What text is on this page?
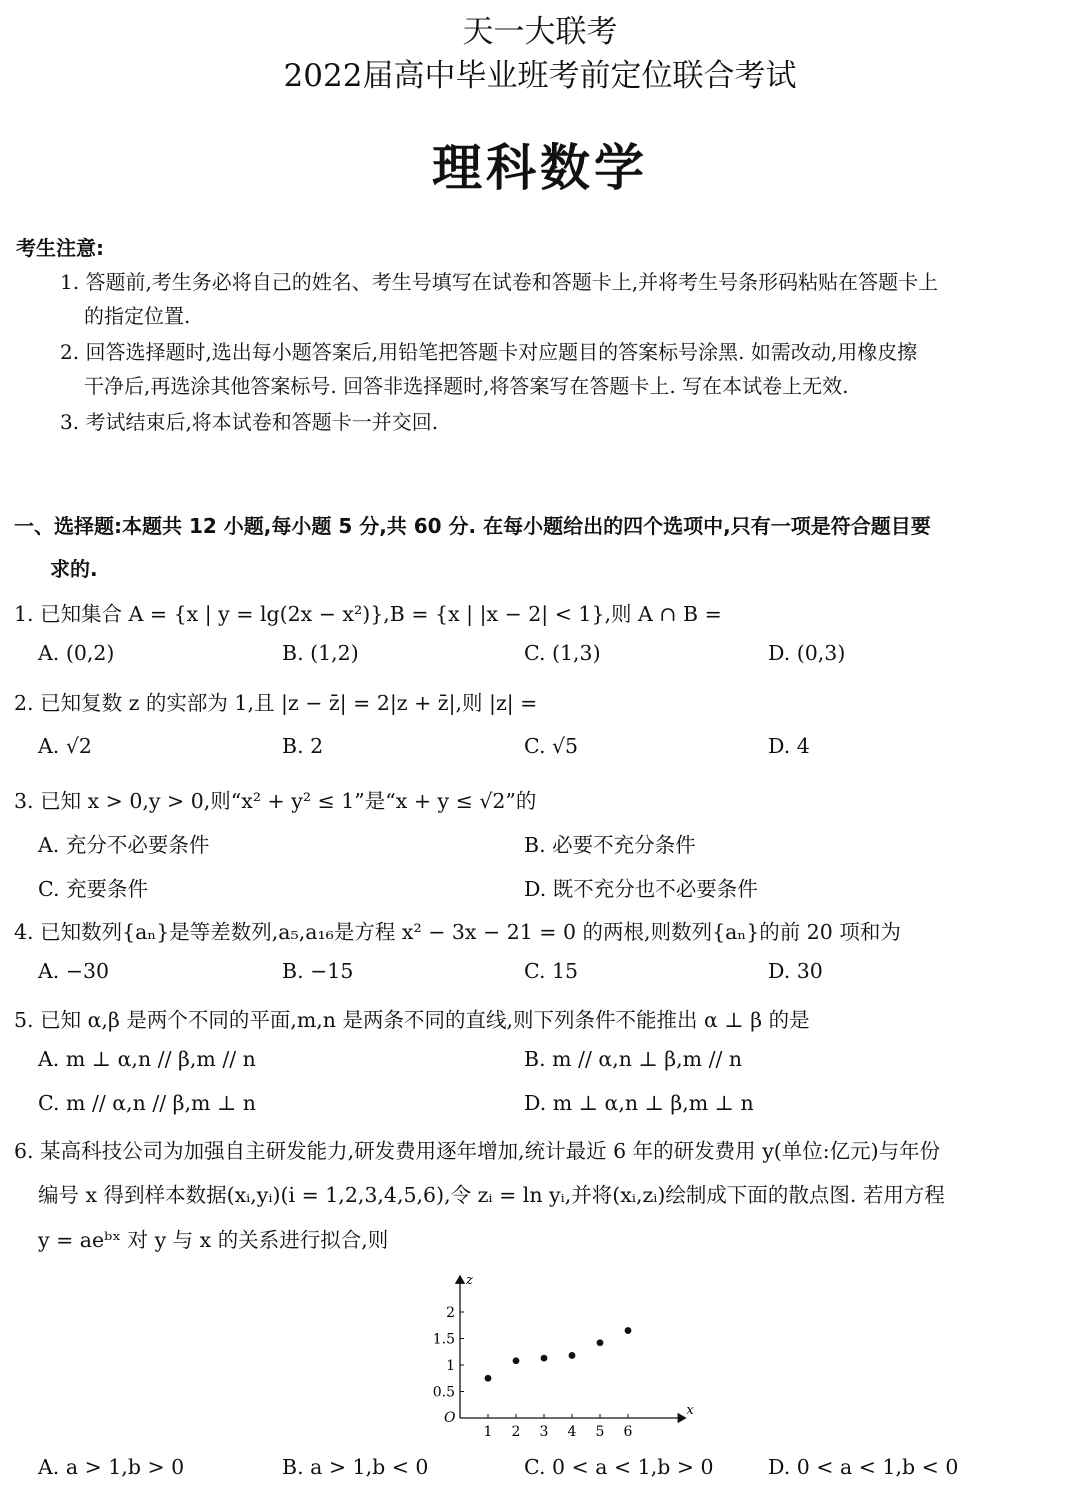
天一大联考
2022届高中毕业班考前定位联合考试
理科数学
考生注意:
1. 答题前,考生务必将自己的姓名、考生号填写在试卷和答题卡上,并将考生号条形码粘贴在答题卡上
的指定位置.
2. 回答选择题时,选出每小题答案后,用铅笔把答题卡对应题目的答案标号涂黑. 如需改动,用橡皮擦
干净后,再选涂其他答案标号. 回答非选择题时,将答案写在答题卡上. 写在本试卷上无效.
3. 考试结束后,将本试卷和答题卡一并交回.
一、选择题:本题共 12 小题,每小题 5 分,共 60 分. 在每小题给出的四个选项中,只有一项是符合题目要
求的.
1. 已知集合 A = {x | y = lg(2x − x²)},B = {x | |x − 2| < 1},则 A ∩ B =
A. (0,2)	B. (1,2)	C. (1,3)	D. (0,3)
2. 已知复数 z 的实部为 1,且 |z − z̄| = 2|z + z̄|,则 |z| =
A. √2	B. 2	C. √5	D. 4
3. 已知 x > 0,y > 0,则“x² + y² ≤ 1”是“x + y ≤ √2”的
A. 充分不必要条件	B. 必要不充分条件
C. 充要条件	D. 既不充分也不必要条件
4. 已知数列{aₙ}是等差数列,a₅,a₁₆是方程 x² − 3x − 21 = 0 的两根,则数列{aₙ}的前 20 项和为
A. −30	B. −15	C. 15	D. 30
5. 已知 α,β 是两个不同的平面,m,n 是两条不同的直线,则下列条件不能推出 α ⊥ β 的是
A. m ⊥ α,n // β,m // n	B. m // α,n ⊥ β,m // n
C. m // α,n // β,m ⊥ n	D. m ⊥ α,n ⊥ β,m ⊥ n
6. 某高科技公司为加强自主研发能力,研发费用逐年增加,统计最近 6 年的研发费用 y(单位:亿元)与年份
编号 x 得到样本数据(xᵢ,yᵢ)(i = 1,2,3,4,5,6),令 zᵢ = ln yᵢ,并将(xᵢ,zᵢ)绘制成下面的散点图. 若用方程
y = aeᵇˣ 对 y 与 x 的关系进行拟合,则
x
z
O
1 2 3 4 5 6
0.5
1
1.5
2
A. a > 1,b > 0	B. a > 1,b < 0	C. 0 < a < 1,b > 0	D. 0 < a < 1,b < 0
